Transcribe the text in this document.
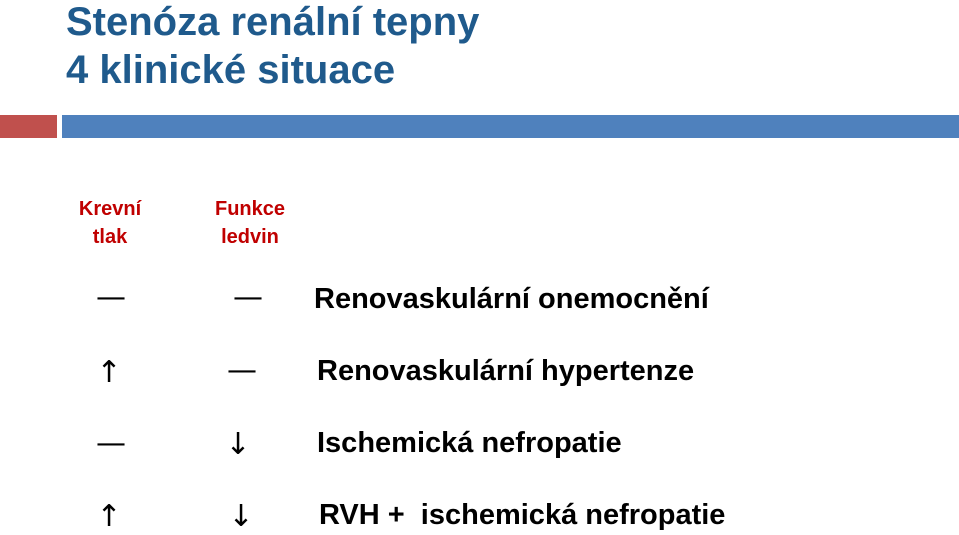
Stenóza renální tepny
4 klinické situace
Krevní
tlak
Funkce
ledvin
—	— Renovaskulární onemocnění
↑	— Renovaskulární hypertenze
—	↓ Ischemická nefropatie
↑	↓ RVH +  ischemická nefropatie
